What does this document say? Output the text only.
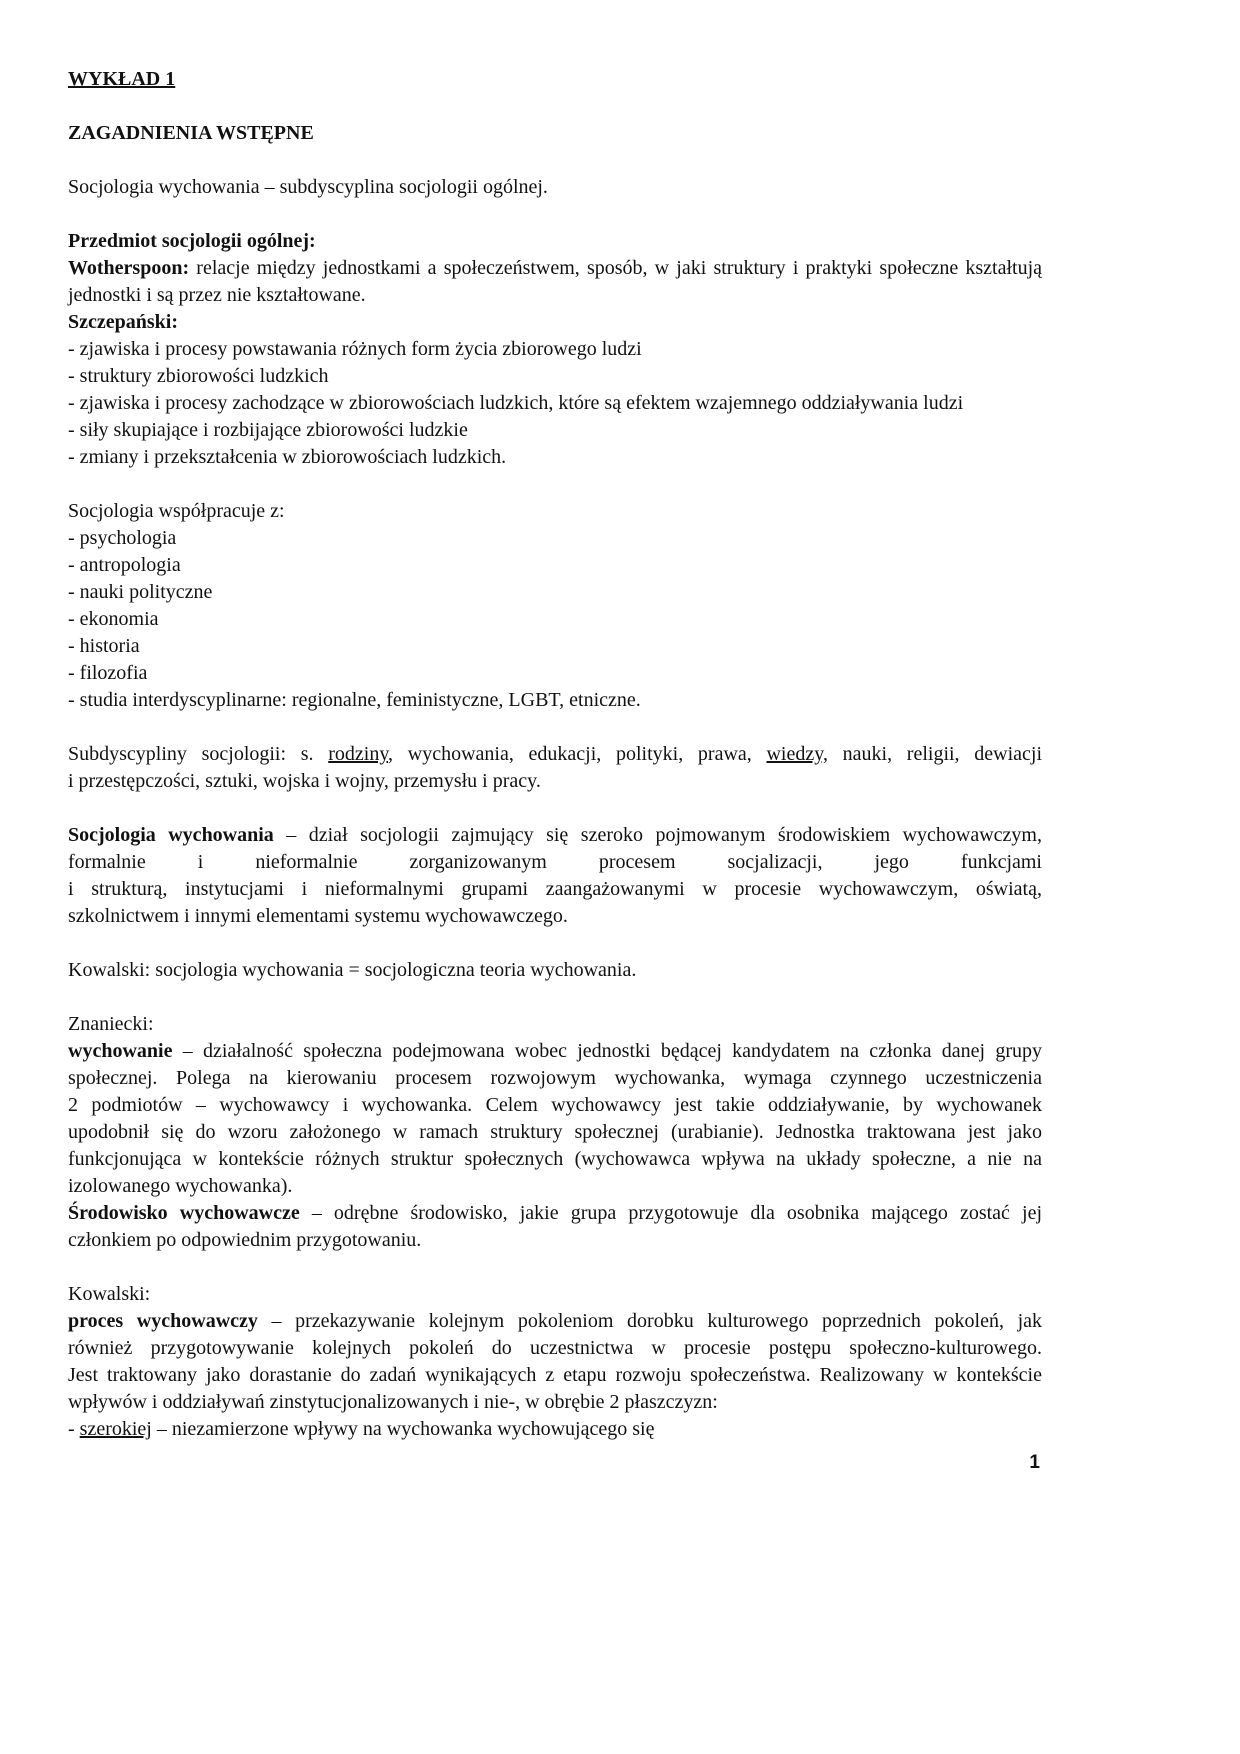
WYKŁAD 1
ZAGADNIENIA WSTĘPNE
Socjologia wychowania – subdyscyplina socjologii ogólnej.
Przedmiot socjologii ogólnej:
Wotherspoon: relacje między jednostkami a społeczeństwem, sposób, w jaki struktury i praktyki społeczne kształtują
jednostki i są przez nie kształtowane.
Szczepański:
- zjawiska i procesy powstawania różnych form życia zbiorowego ludzi
- struktury zbiorowości ludzkich
- zjawiska i procesy zachodzące w zbiorowościach ludzkich, które są efektem wzajemnego oddziaływania ludzi
- siły skupiające i rozbijające zbiorowości ludzkie
- zmiany i przekształcenia w zbiorowościach ludzkich.
Socjologia współpracuje z:
- psychologia
- antropologia
- nauki polityczne
- ekonomia
- historia
- filozofia
- studia interdyscyplinarne: regionalne, feministyczne, LGBT, etniczne.
Subdyscypliny socjologii: s. rodziny, wychowania, edukacji, polityki, prawa, wiedzy, nauki, religii, dewiacji
i przestępczości, sztuki, wojska i wojny, przemysłu i pracy.
Socjologia wychowania – dział socjologii zajmujący się szeroko pojmowanym środowiskiem wychowawczym,
formalnie i nieformalnie zorganizowanym procesem socjalizacji, jego funkcjami
i strukturą, instytucjami i nieformalnymi grupami zaangażowanymi w procesie wychowawczym, oświatą,
szkolnictwem i innymi elementami systemu wychowawczego.
Kowalski: socjologia wychowania = socjologiczna teoria wychowania.
Znaniecki:
wychowanie – działalność społeczna podejmowana wobec jednostki będącej kandydatem na członka danej grupy
społecznej. Polega na kierowaniu procesem rozwojowym wychowanka, wymaga czynnego uczestniczenia
2 podmiotów – wychowawcy i wychowanka. Celem wychowawcy jest takie oddziaływanie, by wychowanek
upodobnił się do wzoru założonego w ramach struktury społecznej (urabianie). Jednostka traktowana jest jako
funkcjonująca w kontekście różnych struktur społecznych (wychowawca wpływa na układy społeczne, a nie na
izolowanego wychowanka).
Środowisko wychowawcze – odrębne środowisko, jakie grupa przygotowuje dla osobnika mającego zostać jej
członkiem po odpowiednim przygotowaniu.
Kowalski:
proces wychowawczy – przekazywanie kolejnym pokoleniom dorobku kulturowego poprzednich pokoleń, jak
również przygotowywanie kolejnych pokoleń do uczestnictwa w procesie postępu społeczno-kulturowego.
Jest traktowany jako dorastanie do zadań wynikających z etapu rozwoju społeczeństwa. Realizowany w kontekście
wpływów i oddziaływań zinstytucjonalizowanych i nie-, w obrębie 2 płaszczyzn:
- szerokiej – niezamierzone wpływy na wychowanka wychowującego się
1
